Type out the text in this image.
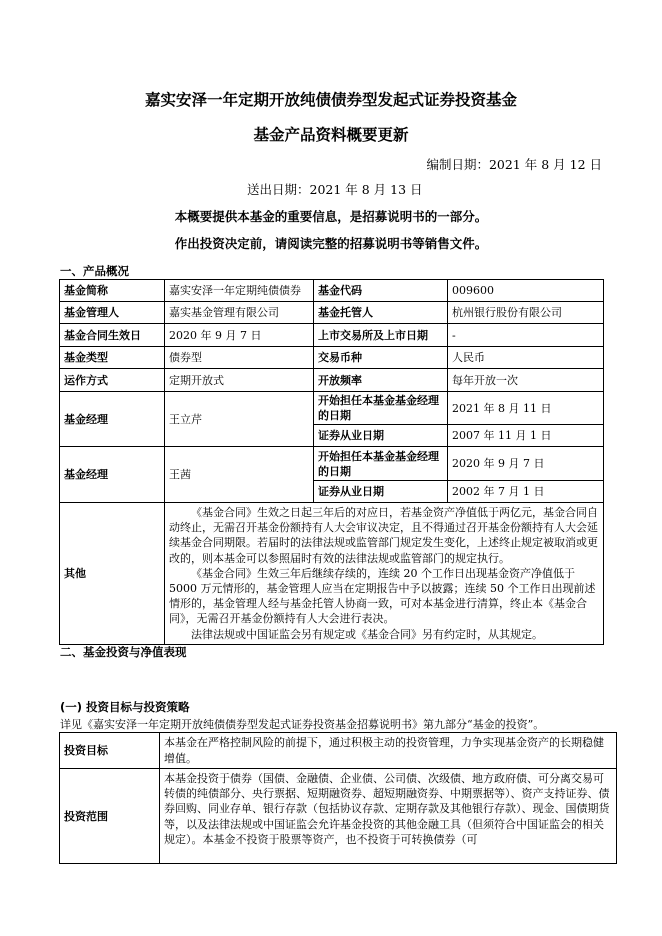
嘉实安泽一年定期开放纯债债券型发起式证券投资基金
基金产品资料概要更新
编制日期：2021 年 8 月 12 日
送出日期：2021 年 8 月 13 日
本概要提供本基金的重要信息，是招募说明书的一部分。
作出投资决定前，请阅读完整的招募说明书等销售文件。
一、产品概况
基金简称	嘉实安泽一年定期纯债债券	基金代码	009600
基金管理人	嘉实基金管理有限公司	基金托管人	杭州银行股份有限公司
基金合同生效日	2020 年 9 月 7 日	上市交易所及上市日期	-
基金类型	债券型	交易币种	人民币
运作方式	定期开放式	开放频率	每年开放一次
基金经理	王立芹	开始担任本基金基金经理的日期	2021 年 8 月 11 日
		证券从业日期	2007 年 11 月 1 日
基金经理	王茜	开始担任本基金基金经理的日期	2020 年 9 月 7 日
		证券从业日期	2002 年 7 月 1 日
其他	《基金合同》生效之日起三年后的对应日，若基金资产净值低于两亿元，基金合同自动终止，无需召开基金份额持有人大会审议决定，且不得通过召开基金份额持有人大会延续基金合同期限。若届时的法律法规或监管部门规定发生变化，上述终止规定被取消或更改的，则本基金可以参照届时有效的法律法规或监管部门的规定执行。
《基金合同》生效三年后继续存续的，连续 20 个工作日出现基金资产净值低于 5000 万元情形的，基金管理人应当在定期报告中予以披露；连续 50 个工作日出现前述情形的，基金管理人经与基金托管人协商一致，可对本基金进行清算，终止本《基金合同》，无需召开基金份额持有人大会进行表决。
法律法规或中国证监会另有规定或《基金合同》另有约定时，从其规定。		
二、基金投资与净值表现
(一) 投资目标与投资策略
详见《嘉实安泽一年定期开放纯债债券型发起式证券投资基金招募说明书》第九部分“基金的投资”。
投资目标	本基金在严格控制风险的前提下，通过积极主动的投资管理，力争实现基金资产的长期稳健增值。
投资范围	本基金投资于债券（国债、金融债、企业债、公司债、次级债、地方政府债、可分离交易可转债的纯债部分、央行票据、短期融资券、超短期融资券、中期票据等）、资产支持证券、债券回购、同业存单、银行存款（包括协议存款、定期存款及其他银行存款）、现金、国债期货等，以及法律法规或中国证监会允许基金投资的其他金融工具（但须符合中国证监会的相关规定）。本基金不投资于股票等资产，也不投资于可转换债券（可
